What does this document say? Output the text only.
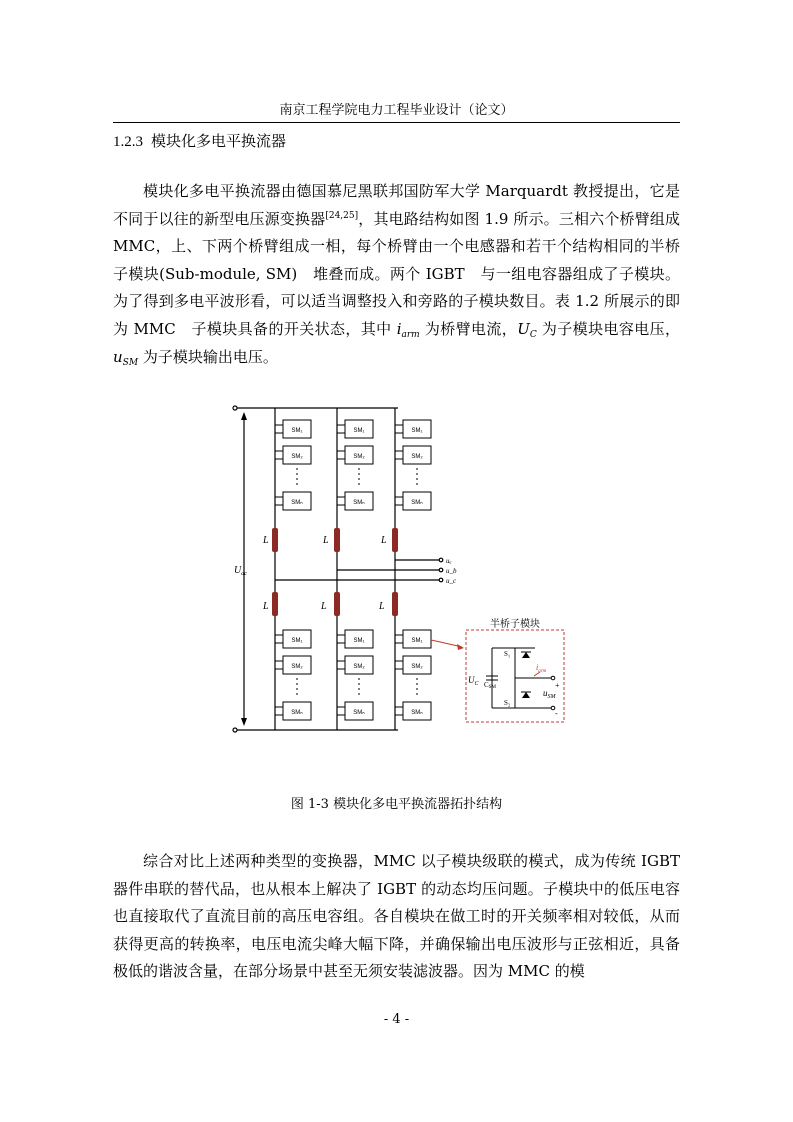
南京工程学院电力工程毕业设计（论文）
1.2.3 模块化多电平换流器

模块化多电平换流器由德国慕尼黑联邦国防军大学 Marquardt 教授提出，它是不同于以往的新型电压源变换器[24,25]，其电路结构如图 1.9 所示。三相六个桥臂组成 MMC，上、下两个桥臂组成一相，每个桥臂由一个电感器和若干个结构相同的半桥子模块(Sub-module, SM)　堆叠而成。两个 IGBT　与一组电容器组成了子模块。为了得到多电平波形看，可以适当调整投入和旁路的子模块数目。表 1.2 所展示的即为 MMC　子模块具备的开关状态，其中 $i_{arm}$ 为桥臂电流，$U_C$ 为子模块电容电压，$u_{SM}$ 为子模块输出电压。

SM₁
SM₂
SMₙ
SM₁
SM₂
SMₙ
SM₁
SM₂
SMₙ
L	L	L
L	L	L
$U_{dc}$
uₐ
u_b
u_c
SM₁
SM₂
SMₙ
SM₁
SM₂
SMₙ
SM₁
SM₂
SMₙ
半桥子模块
S₁
S₂
$U_C$ CSM
$i_{arm}$
$u_{SM}$
+
-
图 1-3 模块化多电平换流器拓扑结构

综合对比上述两种类型的变换器，MMC 以子模块级联的模式，成为传统 IGBT 器件串联的替代品，也从根本上解决了 IGBT 的动态均压问题。子模块中的低压电容也直接取代了直流目前的高压电容组。各自模块在做工时的开关频率相对较低，从而获得更高的转换率，电压电流尖峰大幅下降，并确保输出电压波形与正弦相近，具备极低的谐波含量，在部分场景中甚至无须安装滤波器。因为 MMC 的模

- 4 -
